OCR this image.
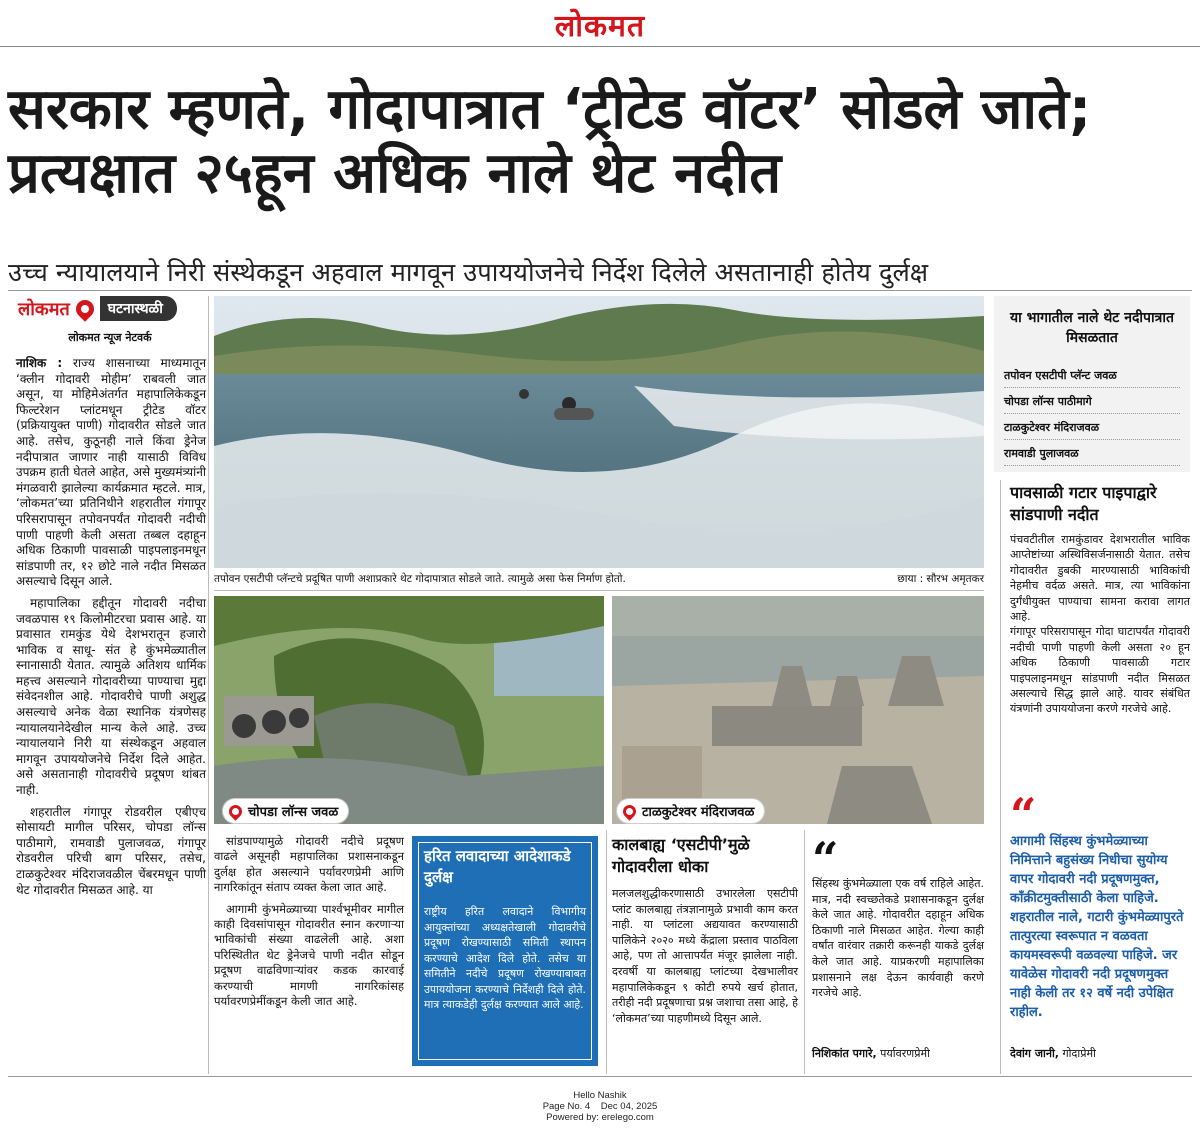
लोकमत
सरकार म्हणते, गोदापात्रात ‘ट्रीटेड वॉटर’ सोडले जाते; प्रत्यक्षात २५हून अधिक नाले थेट नदीत
उच्च न्यायालयाने निरी संस्थेकडून अहवाल मागवून उपाययोजनेचे निर्देश दिलेले असतानाही होतेय दुर्लक्ष
लोकमत	घटनास्थळी
लोकमत न्यूज नेटवर्क

नाशिक : राज्य शासनाच्या माध्यमातून ‘क्लीन गोदावरी मोहीम’ राबवली जात असून, या मोहिमेअंतर्गत महापालिकेकडून फिल्टरेशन प्लांटमधून ट्रीटेड वॉटर (प्रक्रियायुक्त पाणी) गोदावरीत सोडले जात आहे. तसेच, कुठूनही नाले किंवा ड्रेनेज नदीपात्रात जाणार नाही यासाठी विविध उपक्रम हाती घेतले आहेत, असे मुख्यमंत्र्यांनी मंगळवारी झालेल्या कार्यक्रमात म्हटले. मात्र, ‘लोकमत’च्या प्रतिनिधीने शहरातील गंगापूर परिसरापासून तपोवनपर्यंत गोदावरी नदीची पाणी पाहणी केली असता तब्बल दहाहून अधिक ठिकाणी पावसाळी पाइपलाइनमधून सांडपाणी तर, १२ छोटे नाले नदीत मिसळत असल्याचे दिसून आले.

महापालिका हद्दीतून गोदावरी नदीचा जवळपास १९ किलोमीटरचा प्रवास आहे. या प्रवासात रामकुंड येथे देशभरातून हजारो भाविक व साधू- संत हे कुंभमेळ्यातील स्नानासाठी येतात. त्यामुळे अतिशय धार्मिक महत्त्व असल्याने गोदावरीच्या पाण्याचा मुद्दा संवेदनशील आहे. गोदावरीचे पाणी अशुद्ध असल्याचे अनेक वेळा स्थानिक यंत्रणेसह न्यायालयानेदेखील मान्य केले आहे. उच्च न्यायालयाने निरी या संस्थेकडून अहवाल मागवून उपाययोजनेचे निर्देश दिले आहेत. असे असतानाही गोदावरीचे प्रदूषण थांबत नाही.

शहरातील गंगापूर रोडवरील एबीएच सोसायटी मागील परिसर, चोपडा लॉन्स पाठीमागे, रामवाडी पुलाजवळ, गंगापूर रोडवरील परिची बाग परिसर, तसेच, टाळकुटेश्वर मंदिराजवळील चेंबरमधून पाणी थेट गोदावरीत मिसळत आहे. या

तपोवन एसटीपी प्लॅन्टचे प्रदूषित पाणी अशाप्रकारे थेट गोदापात्रात सोडले जाते. त्यामुळे असा फेस निर्माण होतो.	छाया : सौरभ अमृतकर
चोपडा लॉन्स जवळ	टाळकुटेश्वर मंदिराजवळ
या भागातील नाले थेट नदीपात्रात मिसळतात
तपोवन एसटीपी प्लॅन्ट जवळ
चोपडा लॉन्स पाठीमागे
टाळकुटेश्वर मंदिराजवळ
रामवाडी पुलाजवळ
पावसाळी गटार पाइपाद्वारे सांडपाणी नदीत

पंचवटीतील रामकुंडावर देशभरातील भाविक आप्तेष्टांच्या अस्थिविसर्जनासाठी येतात. तसेच गोदावरीत डुबकी मारण्यासाठी भाविकांची नेहमीच वर्दळ असते. मात्र, त्या भाविकांना दुर्गंधीयुक्त पाण्याचा सामना करावा लागत आहे.

गंगापूर परिसरापासून गोदा घाटापर्यंत गोदावरी नदीची पाणी पाहणी केली असता २० हून अधिक ठिकाणी पावसाळी गटार पाइपलाइनमधून सांडपाणी नदीत मिसळत असल्याचे सिद्ध झाले आहे. यावर संबंधित यंत्रणांनी उपाययोजना करणे गरजेचे आहे.

सांडपाण्यामुळे गोदावरी नदीचे प्रदूषण वाढले असूनही महापालिका प्रशासनाकडून दुर्लक्ष होत असल्याने पर्यावरणप्रेमी आणि नागरिकांतून संताप व्यक्त केला जात आहे.

आगामी कुंभमेळ्याच्या पार्श्वभूमीवर मागील काही दिवसांपासून गोदावरीत स्नान करणाऱ्या भाविकांची संख्या वाढलेली आहे. अशा परिस्थितीत थेट ड्रेनेजचे पाणी नदीत सोडून प्रदूषण वाढविणाऱ्यांवर कडक कारवाई करण्याची मागणी नागरिकांसह पर्यावरणप्रेमींकडून केली जात आहे.

हरित लवादाच्या आदेशाकडे दुर्लक्ष
राष्ट्रीय हरित लवादाने विभागीय आयुक्तांच्या अध्यक्षतेखाली गोदावरीचे प्रदूषण रोखण्यासाठी समिती स्थापन करण्याचे आदेश दिले होते. तसेच या समितीने नदीचे प्रदूषण रोखण्याबाबत उपाययोजना करण्याचे निर्देशही दिले होते. मात्र त्याकडेही दुर्लक्ष करण्यात आले आहे.
कालबाह्य ‘एसटीपी’मुळे गोदावरीला धोका
मलजलशुद्धीकरणासाठी उभारलेला एसटीपी प्लांट कालबाह्य तंत्रज्ञानामुळे प्रभावी काम करत नाही. या प्लांटला अद्ययावत करण्यासाठी पालिकेने २०२० मध्ये केंद्राला प्रस्ताव पाठविला आहे, पण तो आत्तापर्यंत मंजूर झालेला नाही. दरवर्षी या कालबाह्य प्लांटच्या देखभालीवर महापालिकेकडून ९ कोटी रुपये खर्च होतात, तरीही नदी प्रदूषणाचा प्रश्न जशाचा तसा आहे, हे ‘लोकमत’च्या पाहणीमध्ये दिसून आले.
“
सिंहस्थ कुंभमेळ्याला एक वर्ष राहिले आहेत. मात्र, नदी स्वच्छतेकडे प्रशासनाकडून दुर्लक्ष केले जात आहे. गोदावरीत दहाहून अधिक ठिकाणी नाले मिसळत आहेत. गेल्या काही वर्षांत वारंवार तक्रारी करूनही याकडे दुर्लक्ष केले जात आहे. याप्रकरणी महापालिका प्रशासनाने लक्ष देऊन कार्यवाही करणे गरजेचे आहे.
निशिकांत पगारे, पर्यावरणप्रेमी
“
आगामी सिंहस्थ कुंभमेळ्याच्या निमित्ताने बहुसंख्य निधीचा सुयोग्य वापर गोदावरी नदी प्रदूषणमुक्त, कॉंक्रीटमुक्तीसाठी केला पाहिजे. शहरातील नाले, गटारी कुंभमेळ्यापुरते तात्पुरत्या स्वरूपात न वळवता कायमस्वरूपी वळवल्या पाहिजे. जर यावेळेस गोदावरी नदी प्रदूषणमुक्त नाही केली तर १२ वर्षे नदी उपेक्षित राहील.
देवांग जानी, गोदाप्रेमी
Hello Nashik
Page No. 4    Dec 04, 2025
Powered by: erelego.com
